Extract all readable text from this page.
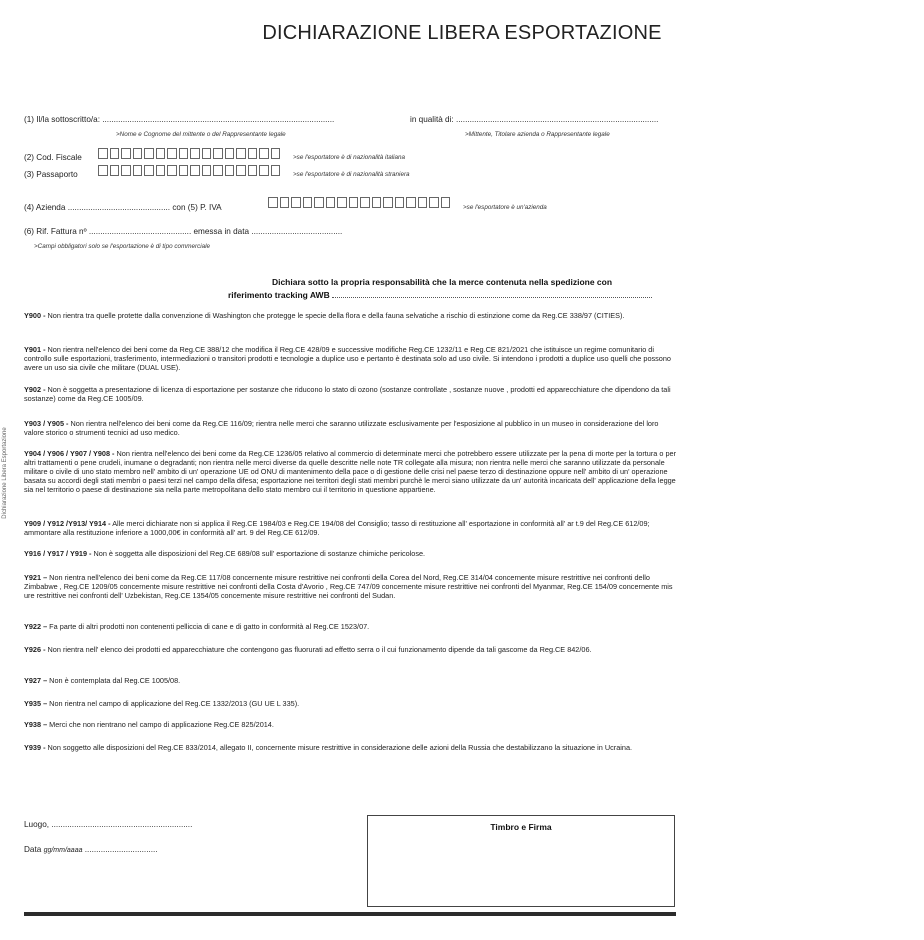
DICHIARAZIONE LIBERA ESPORTAZIONE
Dichiarazione Libera Esportazione
(1) Il/la sottoscritto/a: ......................................................................................................	in qualità di: .........................................................................................
>Nome e Cognome del mittente o del Rappresentante legale	>Mittente, Titolare azienda o Rappresentante legale
(2) Cod. Fiscale	>se l'esportatore è di nazionalità italiana
(3) Passaporto	>se l'esportatore è di nazionalità straniera
(4) Azienda ............................................. con (5) P. IVA	>se l'esportatore è un'azienda
(6) Rif. Fattura nº ............................................. emessa in data ........................................
>Campi obbligatori solo se l'esportazione è di tipo commerciale
Dichiara sotto la propria responsabilità che la merce contenuta nella spedizione con
riferimento tracking AWB
Y900 - Non rientra tra quelle protette dalla convenzione di Washington che protegge le specie della flora e della fauna selvatiche a rischio di estinzione come da Reg.CE 338/97 (CITIES).
Y901 - Non rientra nell'elenco dei beni come da Reg.CE 388/12 che modifica il Reg.CE 428/09 e successive modifiche Reg.CE 1232/11 e Reg.CE 821/2021 che istituisce un regime comunitario di controllo sulle esportazioni, trasferimento, intermediazioni o transitori prodotti e tecnologie a duplice uso e pertanto è destinata solo ad uso civile. Si intendono i prodotti a duplice uso quelli che possono avere un uso sia civile che militare (DUAL USE).
Y902 - Non è soggetta a presentazione di licenza di esportazione per sostanze che riducono lo stato di ozono (sostanze controllate , sostanze nuove , prodotti ed apparecchiature che dipendono da tali sostanze) come da Reg.CE 1005/09.
Y903 / Y905 - Non rientra nell'elenco dei beni come da Reg.CE 116/09; rientra nelle merci che saranno utilizzate esclusivamente per l'esposizione al pubblico in un museo in considerazione del loro valore storico o strumenti tecnici ad uso medico.
Y904 / Y906 / Y907 / Y908 - Non rientra nell'elenco dei beni come da Reg.CE 1236/05 relativo al commercio di determinate merci che potrebbero essere utilizzate per la pena di morte per la tortura o per altri trattamenti o pene crudeli, inumane o degradanti; non rientra nelle merci diverse da quelle descritte nelle note TR collegate alla misura; non rientra nelle merci che saranno utilizzate da personale militare o civile di uno stato membro nell' ambito di un' operazione UE od ONU di mantenimento della pace o di gestione delle crisi nel paese terzo di destinazione oppure nell' ambito di un' operazione basata su accordi degli stati membri o paesi terzi nel campo della difesa; esportazione nei territori degli stati membri purchè le merci siano utilizzate da un' autorità incaricata dell' applicazione della legge sia nel territorio o paese di destinazione sia nella parte metropolitana dello stato membro cui il territorio in questione appartiene.
Y909 / Y912 /Y913/ Y914 - Alle merci dichiarate non si applica il Reg.CE 1984/03 e Reg.CE 194/08 del Consiglio; tasso di restituzione all' esportazione in conformità all' ar t.9 del Reg.CE 612/09; ammontare alla restituzione inferiore a 1000,00€ in conformità all' art. 9 del Reg.CE 612/09.
Y916 / Y917 / Y919 - Non è soggetta alle disposizioni del Reg.CE 689/08 sull' esportazione di sostanze chimiche pericolose.
Y921 – Non rientra nell'elenco dei beni come da Reg.CE 117/08 concernente misure restrittive nei confronti della Corea del Nord, Reg.CE 314/04 concernente misure restrittive nei confronti dello Zimbabwe , Reg.CE 1209/05 concernente misure restrittive nei confronti della Costa d'Avorio , Reg.CE 747/09 concernente misure restrittive nei confronti del Myanmar, Reg.CE 154/09 concernente mis ure restrittive nei confronti dell' Uzbekistan, Reg.CE 1354/05 concernente misure restrittive nei confronti del Sudan.
Y922 – Fa parte di altri prodotti non contenenti pelliccia di cane e di gatto in conformità al Reg.CE 1523/07.
Y926 - Non rientra nell' elenco dei prodotti ed apparecchiature che contengono gas fluorurati ad effetto serra o il cui funzionamento dipende da tali gascome da Reg.CE 842/06.
Y927 – Non è contemplata dal Reg.CE 1005/08.
Y935 – Non rientra nel campo di applicazione del Reg.CE 1332/2013 (GU UE L 335).
Y938 – Merci che non rientrano nel campo di applicazione Reg.CE 825/2014.
Y939 - Non soggetto alle disposizioni del Reg.CE 833/2014, allegato II, concernente misure restrittive in considerazione delle azioni della Russia che destabilizzano la situazione in Ucraina.
Luogo, ..............................................................
Data gg/mm/aaaa ................................
Timbro e Firma
